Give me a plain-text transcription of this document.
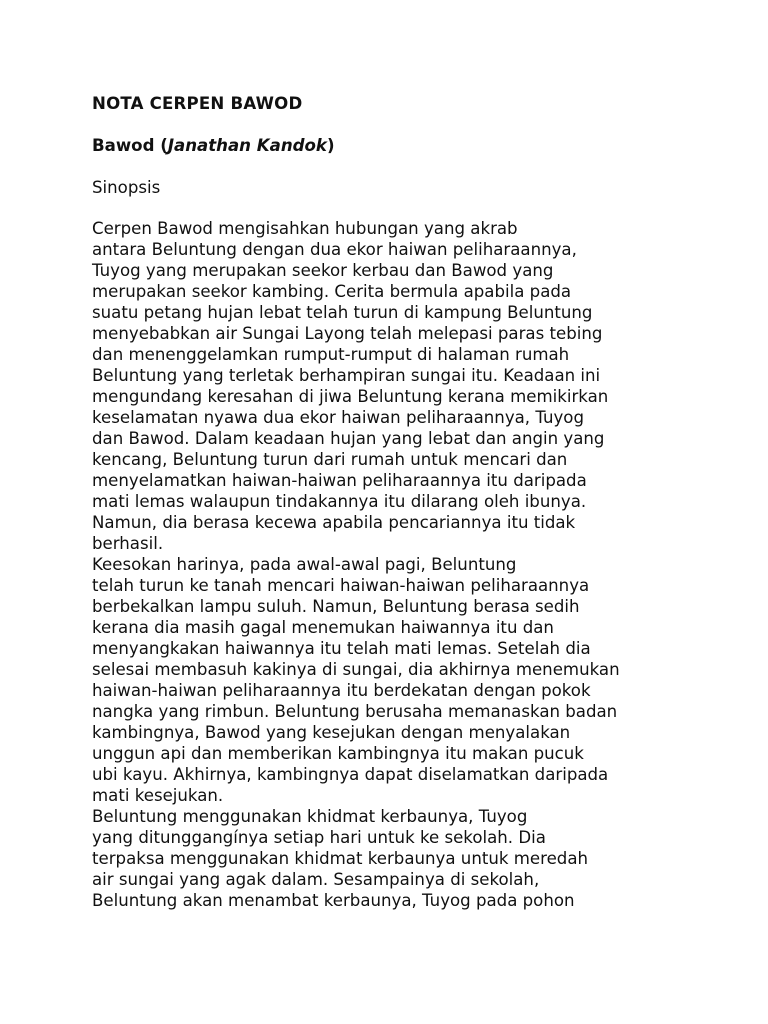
NOTA CERPEN BAWOD
Bawod (Janathan Kandok)
Sinopsis
Cerpen Bawod mengisahkan hubungan yang akrab
antara Beluntung dengan dua ekor haiwan peliharaannya,
Tuyog yang merupakan seekor kerbau dan Bawod yang
merupakan seekor kambing. Cerita bermula apabila pada
suatu petang hujan lebat telah turun di kampung Beluntung
menyebabkan air Sungai Layong telah melepasi paras tebing
dan menenggelamkan rumput-rumput di halaman rumah
Beluntung yang terletak berhampiran sungai itu. Keadaan ini
mengundang keresahan di jiwa Beluntung kerana memikirkan
keselamatan nyawa dua ekor haiwan peliharaannya, Tuyog
dan Bawod. Dalam keadaan hujan yang lebat dan angin yang
kencang, Beluntung turun dari rumah untuk mencari dan
menyelamatkan haiwan-haiwan peliharaannya itu daripada
mati lemas walaupun tindakannya itu dilarang oleh ibunya.
Namun, dia berasa kecewa apabila pencariannya itu tidak
berhasil.
Keesokan harinya, pada awal-awal pagi, Beluntung
telah turun ke tanah mencari haiwan-haiwan peliharaannya
berbekalkan lampu suluh. Namun, Beluntung berasa sedih
kerana dia masih gagal menemukan haiwannya itu dan
menyangkakan haiwannya itu telah mati lemas. Setelah dia
selesai membasuh kakinya di sungai, dia akhirnya menemukan
haiwan-haiwan peliharaannya itu berdekatan dengan pokok
nangka yang rimbun. Beluntung berusaha memanaskan badan
kambingnya, Bawod yang kesejukan dengan menyalakan
unggun api dan memberikan kambingnya itu makan pucuk
ubi kayu. Akhirnya, kambingnya dapat diselamatkan daripada
mati kesejukan.
Beluntung menggunakan khidmat kerbaunya, Tuyog
yang ditunggangínya setiap hari untuk ke sekolah. Dia
terpaksa menggunakan khidmat kerbaunya untuk meredah
air sungai yang agak dalam. Sesampainya di sekolah,
Beluntung akan menambat kerbaunya, Tuyog pada pohon
